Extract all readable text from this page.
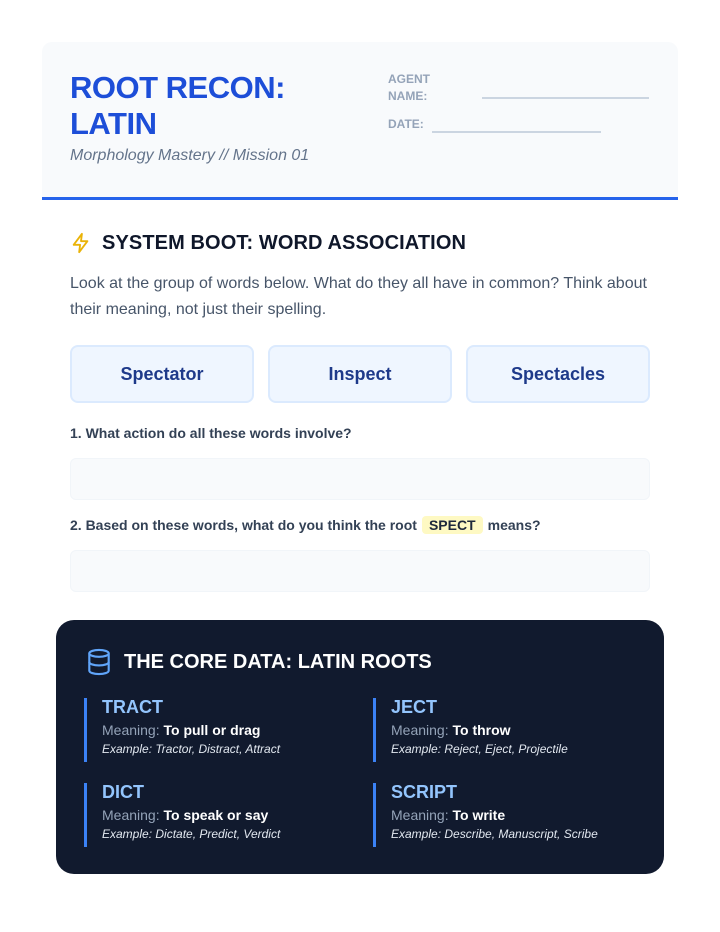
ROOT RECON:
LATIN
Morphology Mastery // Mission 01
AGENT NAME:
DATE:
SYSTEM BOOT: WORD ASSOCIATION

Look at the group of words below. What do they all have in common? Think about their meaning, not just their spelling.

Spectator	Inspect	Spectacles

1. What action do all these words involve?

2. Based on these words, what do you think the root SPECT means?

THE CORE DATA: LATIN ROOTS
TRACT
Meaning: To pull or drag
Example: Tractor, Distract, Attract
JECT
Meaning: To throw
Example: Reject, Eject, Projectile
DICT
Meaning: To speak or say
Example: Dictate, Predict, Verdict
SCRIPT
Meaning: To write
Example: Describe, Manuscript, Scribe
